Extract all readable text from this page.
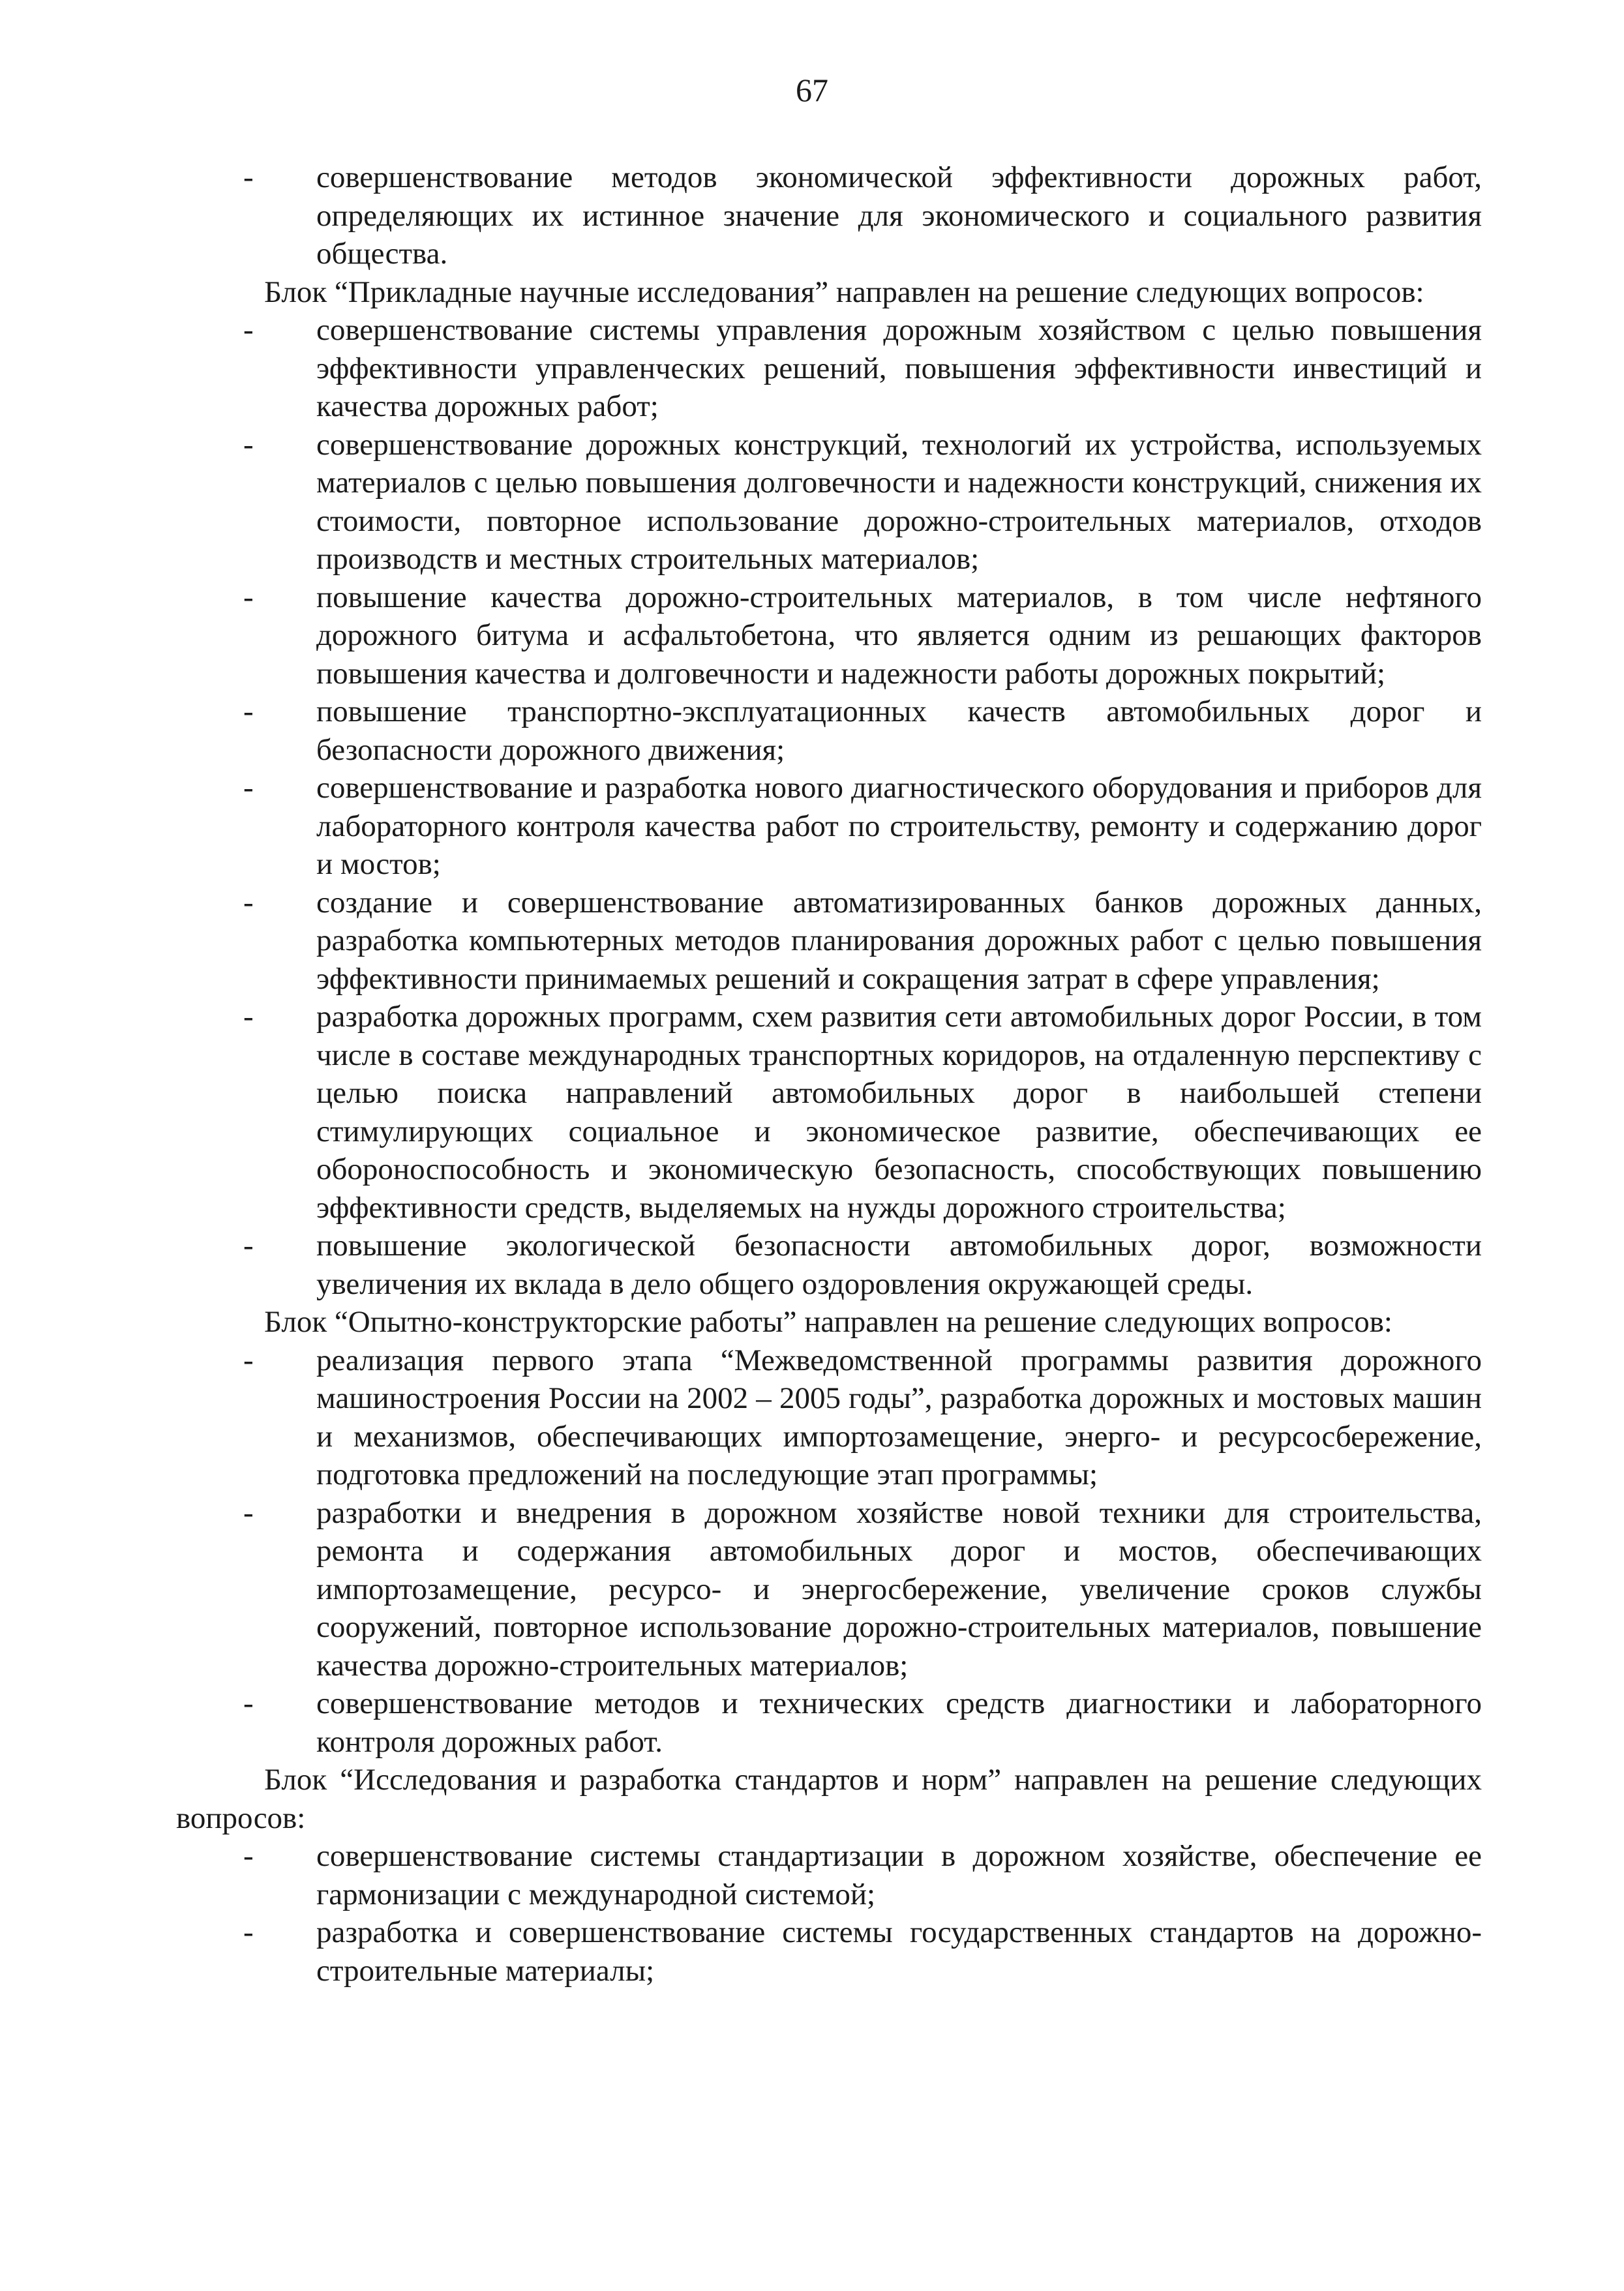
67
- совершенствование методов экономической эффективности дорожных работ, определяющих их истинное значение для экономического и социального развития общества.

Блок “Прикладные научные исследования” направлен на решение следующих вопросов:

- совершенствование системы управления дорожным хозяйством с целью повышения эффективности управленческих решений, повышения эффективности инвестиций и качества дорожных работ;
- совершенствование дорожных конструкций, технологий их устройства, используемых материалов с целью повышения долговечности и надежности конструкций, снижения их стоимости, повторное использование дорожно-строительных материалов, отходов производств и местных строительных материалов;
- повышение качества дорожно-строительных материалов, в том числе нефтяного дорожного битума и асфальтобетона, что является одним из решающих факторов повышения качества и долговечности и надежности работы дорожных покрытий;
- повышение транспортно-эксплуатационных качеств автомобильных дорог и безопасности дорожного движения;
- совершенствование и разработка нового диагностического оборудования и приборов для лабораторного контроля качества работ по строительству, ремонту и содержанию дорог и мостов;
- создание и совершенствование автоматизированных банков дорожных данных, разработка компьютерных методов планирования дорожных работ с целью повышения эффективности принимаемых решений и сокращения затрат в сфере управления;
- разработка дорожных программ, схем развития сети автомобильных дорог России, в том числе в составе международных транспортных коридоров, на отдаленную перспективу с целью поиска направлений автомобильных дорог в наибольшей степени стимулирующих социальное и экономическое развитие, обеспечивающих ее обороноспособность и экономическую безопасность, способствующих повышению эффективности средств, выделяемых на нужды дорожного строительства;
- повышение экологической безопасности автомобильных дорог, возможности увеличения их вклада в дело общего оздоровления окружающей среды.

Блок “Опытно-конструкторские работы” направлен на решение следующих вопросов:

- реализация первого этапа “Межведомственной программы развития дорожного машиностроения России на 2002 – 2005 годы”, разработка дорожных и мостовых машин и механизмов, обеспечивающих импортозамещение, энерго- и ресурсосбережение, подготовка предложений на последующие этап программы;
- разработки и внедрения в дорожном хозяйстве новой техники для строительства, ремонта и содержания автомобильных дорог и мостов, обеспечивающих импортозамещение, ресурсо- и энергосбережение, увеличение сроков службы сооружений, повторное использование дорожно-строительных материалов, повышение качества дорожно-строительных материалов;
- совершенствование методов и технических средств диагностики и лабораторного контроля дорожных работ.

Блок “Исследования и разработка стандартов и норм” направлен на решение следующих вопросов:

- совершенствование системы стандартизации в дорожном хозяйстве, обеспечение ее гармонизации с международной системой;
- разработка и совершенствование системы государственных стандартов на дорожно-строительные материалы;
